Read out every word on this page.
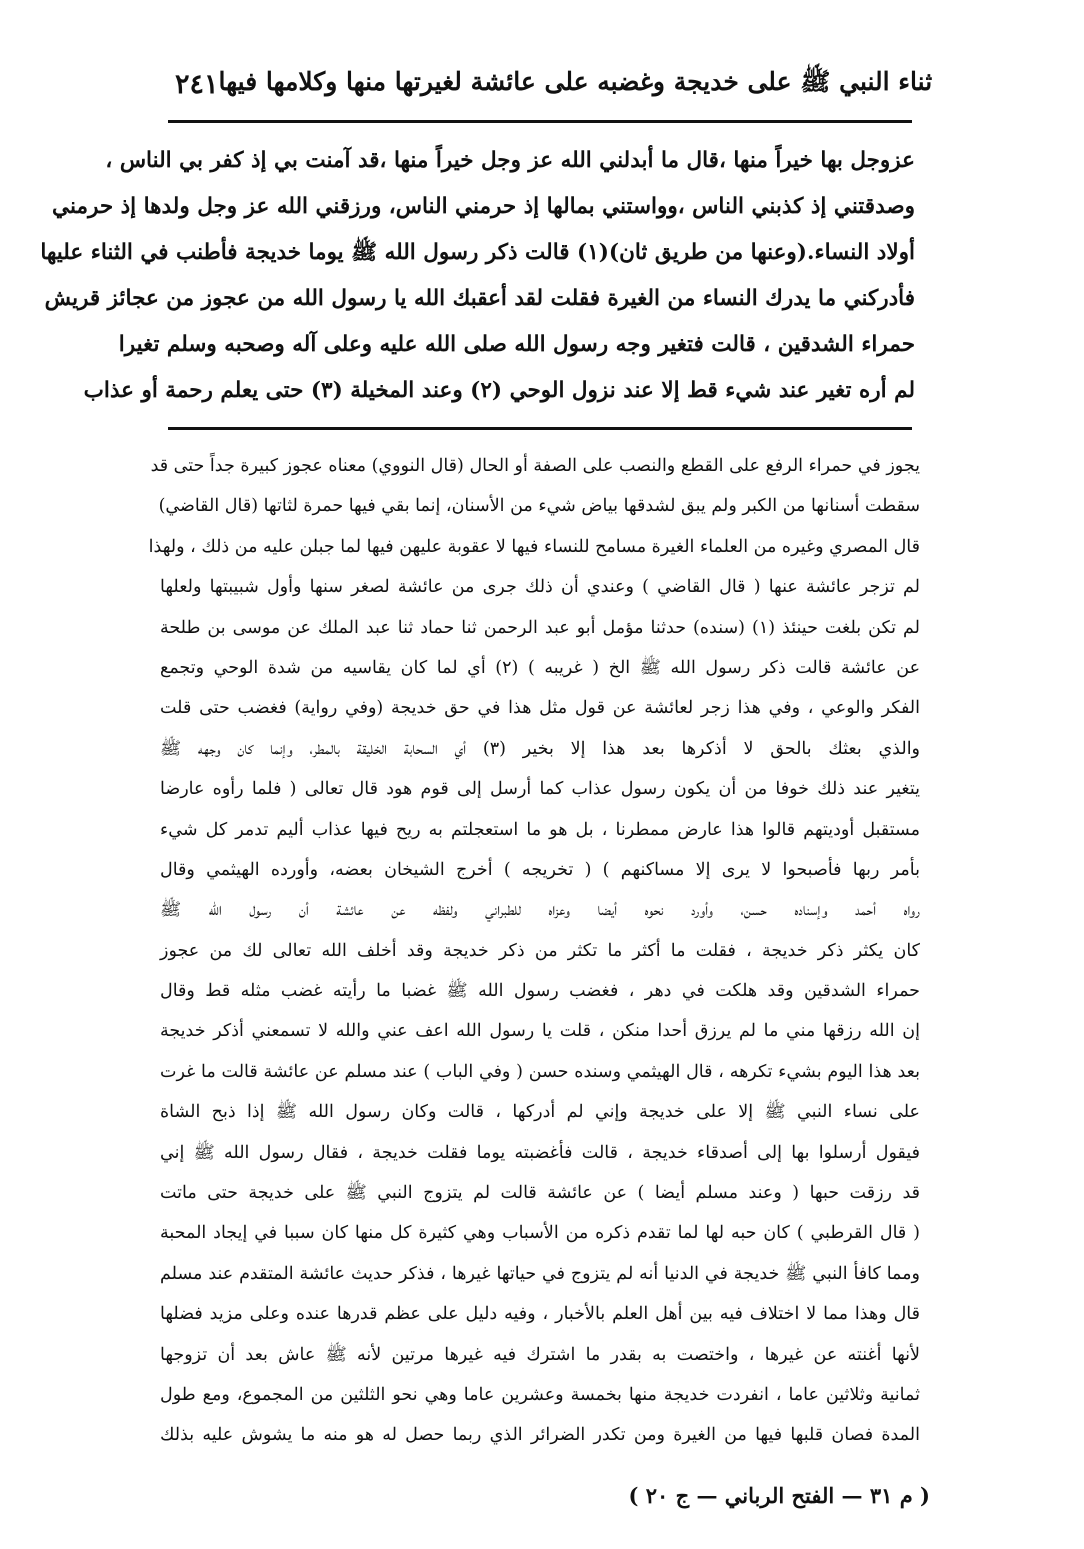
٢٤١ ثناء النبي ﷺ على خديجة وغضبه على عائشة لغيرتها منها وكلامها فيها
عزوجل بها خيراً منها ،قال ما أبدلني الله عز وجل خيراً منها ،قد آمنت بي إذ كفر بي الناس ،
وصدقتني إذ كذبني الناس ،وواستني بمالها إذ حرمني الناس، ورزقني الله عز وجل ولدها إذ حرمني
أولاد النساء.(وعنها من طريق ثان)(١) قالت ذكر رسول الله ﷺ يوما خديجة فأطنب في الثناء عليها
فأدركني ما يدرك النساء من الغيرة فقلت لقد أعقبك الله يا رسول الله من عجوز من عجائز قريش
حمراء الشدقين ، قالت فتغير وجه رسول الله صلى الله عليه وعلى آله وصحبه وسلم تغيرا
لم أره تغير عند شيء قط إلا عند نزول الوحي (٢) وعند المخيلة (٣) حتى يعلم رحمة أو عذاب
يجوز في حمراء الرفع على القطع والنصب على الصفة أو الحال (قال النووي) معناه عجوز كبيرة جداً حتى قد
سقطت أسنانها من الكبر ولم يبق لشدقها بياض شيء من الأسنان، إنما بقي فيها حمرة لثاتها (قال القاضي)
قال المصري وغيره من العلماء الغيرة مسامح للنساء فيها لا عقوبة عليهن فيها لما جبلن عليه من ذلك ، ولهذا
لم تزجر عائشة عنها ( قال القاضي ) وعندي أن ذلك جرى من عائشة لصغر سنها وأول شبيبتها ولعلها
لم تكن بلغت حينئذ (١) (سنده) حدثنا مؤمل أبو عبد الرحمن ثنا حماد ثنا عبد الملك عن موسى بن طلحة
عن عائشة قالت ذكر رسول الله ﷺ الخ ( غريبه ) (٢) أي لما كان يقاسيه من شدة الوحي وتجمع
الفكر والوعي ، وفي هذا زجر لعائشة عن قول مثل هذا في حق خديجة (وفي رواية) فغضب حتى قلت
والذي بعثك بالحق لا أذكرها بعد هذا إلا بخير (٣) أي السحابة الخليقة بالمطر، وإنما كان وجهه ﷺ
يتغير عند ذلك خوفا من أن يكون رسول عذاب كما أرسل إلى قوم هود قال تعالى ( فلما رأوه عارضا
مستقبل أوديتهم قالوا هذا عارض ممطرنا ، بل هو ما استعجلتم به ريح فيها عذاب أليم تدمر كل شيء
بأمر ربها فأصبحوا لا يرى إلا مساكنهم ) ( تخريجه ) أخرج الشيخان بعضه، وأورده الهيثمي وقال
رواه أحمد وإسناده حسن، وأورد نحوه أيضا وعزاه للطبراني ولفظه عن عائشة أن رسول الله ﷺ
كان يكثر ذكر خديجة ، فقلت ما أكثر ما تكثر من ذكر خديجة وقد أخلف الله تعالى لك من عجوز
حمراء الشدقين وقد هلكت في دهر ، فغضب رسول الله ﷺ غضبا ما رأيته غضب مثله قط وقال
إن الله رزقها مني ما لم يرزق أحدا منكن ، قلت يا رسول الله اعف عني والله لا تسمعني أذكر خديجة
بعد هذا اليوم بشيء تكرهه ، قال الهيثمي وسنده حسن ( وفي الباب ) عند مسلم عن عائشة قالت ما غرت
على نساء النبي ﷺ إلا على خديجة وإني لم أدركها ، قالت وكان رسول الله ﷺ إذا ذبح الشاة
فيقول أرسلوا بها إلى أصدقاء خديجة ، قالت فأغضبته يوما فقلت خديجة ، فقال رسول الله ﷺ إني
قد رزقت حبها ( وعند مسلم أيضا ) عن عائشة قالت لم يتزوج النبي ﷺ على خديجة حتى ماتت
( قال القرطبي ) كان حبه لها لما تقدم ذكره من الأسباب وهي كثيرة كل منها كان سببا في إيجاد المحبة
ومما كافأ النبي ﷺ خديجة في الدنيا أنه لم يتزوج في حياتها غيرها ، فذكر حديث عائشة المتقدم عند مسلم
قال وهذا مما لا اختلاف فيه بين أهل العلم بالأخبار ، وفيه دليل على عظم قدرها عنده وعلى مزيد فضلها
لأنها أغنته عن غيرها ، واختصت به بقدر ما اشترك فيه غيرها مرتين لأنه ﷺ عاش بعد أن تزوجها
ثمانية وثلاثين عاما ، انفردت خديجة منها بخمسة وعشرين عاما وهي نحو الثلثين من المجموع، ومع طول
المدة فصان قلبها فيها من الغيرة ومن تكدر الضرائر الذي ربما حصل له هو منه ما يشوش عليه بذلك
( م ٣١ — الفتح الرباني — ج ٢٠ )
